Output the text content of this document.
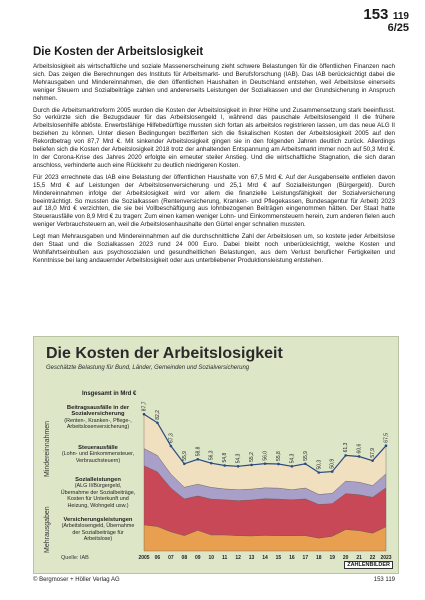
153 119
6/25
Die Kosten der Arbeitslosigkeit

Arbeitslosigkeit als wirtschaftliche und soziale Massenerscheinung zieht schwere Belastungen für die öffentlichen Finanzen nach sich. Das zeigen die Berechnungen des Instituts für Arbeitsmarkt- und Berufsforschung (IAB). Das IAB berücksichtigt dabei die Mehrausgaben und Mindereinnahmen, die den öffentlichen Haushalten in Deutschland entstehen, weil Arbeitslose einerseits weniger Steuern und Sozialbeiträge zahlen und andererseits Leistungen der Sozialkassen und der Grundsicherung in Anspruch nehmen.

Durch die Arbeitsmarktreform 2005 wurden die Kosten der Arbeitslosigkeit in ihrer Höhe und Zusammensetzung stark beeinflusst. So verkürzte sich die Bezugsdauer für das Arbeitslosengeld I, während das pauschale Arbeitslosengeld II die frühere Arbeitslosenhilfe ablöste. Erwerbsfähige Hilfebedürftige mussten sich fortan als arbeitslos registrieren lassen, um das neue ALG II beziehen zu können. Unter diesen Bedingungen bezifferten sich die fiskalischen Kosten der Arbeitslosigkeit 2005 auf den Rekordbetrag von 87,7 Mrd €. Mit sinkender Arbeitslosigkeit gingen sie in den folgenden Jahren deutlich zurück. Allerdings beliefen sich die Kosten der Arbeitslosigkeit 2018 trotz der anhaltenden Entspannung am Arbeitsmarkt immer noch auf 50,3 Mrd €. In der Corona-Krise des Jahres 2020 erfolgte ein erneuter steiler Anstieg. Und die wirtschaftliche Stagnation, die sich daran anschloss, verhinderte auch eine Rückkehr zu deutlich niedrigeren Kosten.

Für 2023 errechnete das IAB eine Belastung der öffentlichen Haushalte von 67,5 Mrd €. Auf der Ausgabenseite entfielen davon 15,5 Mrd € auf Leistungen der Arbeitslosenversicherung und 25,1 Mrd € auf Sozialleistungen (Bürgergeld). Durch Mindereinnahmen infolge der Arbeitslosigkeit wird vor allem die finanzielle Leistungsfähigkeit der Sozialversicherung beeinträchtigt. So mussten die Sozialkassen (Rentenversicherung, Kranken- und Pflegekassen, Bundesagentur für Arbeit) 2023 auf 18,0 Mrd € verzichten, die sie bei Vollbeschäftigung aus lohnbezogenen Beiträgen eingenommen hätten. Der Staat hatte Steuerausfälle von 8,9 Mrd € zu tragen: Zum einen kamen weniger Lohn- und Einkommensteuern herein, zum anderen fielen auch weniger Verbrauchsteuern an, weil die Arbeitslosenhaushalte den Gürtel enger schnallen mussten.

Legt man Mehrausgaben und Mindereinnahmen auf die durchschnittliche Zahl der Arbeitslosen um, so kostete jeder Arbeitslose den Staat und die Sozialkassen 2023 rund 24 000 Euro. Dabei bleibt noch unberücksichtigt, welche Kosten und Wohlfahrtseinbußen aus psychosozialen und gesundheitlichen Belastungen, aus dem Verlust beruflicher Fertigkeiten und Kenntnisse bei lang andauernder Arbeitslosigkeit oder aus unterbliebener Produktionsleistung entstehen.

Die Kosten der Arbeitslosigkeit
Geschätzte Belastung für Bund, Länder, Gemeinden und Sozialversicherung
Insgesamt in Mrd €
Mindereinnahmen
Mehrausgaben
Beitragsausfälle in der Sozialversicherung
(Renten-, Kranken-, Pflege-, Arbeitslosenversicherung)
Steuerausfälle
(Lohn- und Einkommensteuer, Verbrauchsteuern)
Sozialleistungen
(ALG II/Bürgergeld, Übernahme der Sozialbeiträge, Kosten für Unterkunft und Heizung, Wohngeld usw.)
Versicherungsleistungen
(Arbeitslosengeld, Übernahme der Sozialbeiträge für Arbeitslose)
87,7
82,2
67,3
55,9 58,8 56,3 54,8 54,3 55,2 56,0 55,8 54,3 55,9
50,3 50,9
61,3 60,6 57,9
67,5
2005 06 07 08 09 10 11 12 13 14 15 16 17 18 19 20 21 22 2023
Quelle: IAB
ZAHLENBILDER
© Bergmoser + Höller Verlag AG	153 119
